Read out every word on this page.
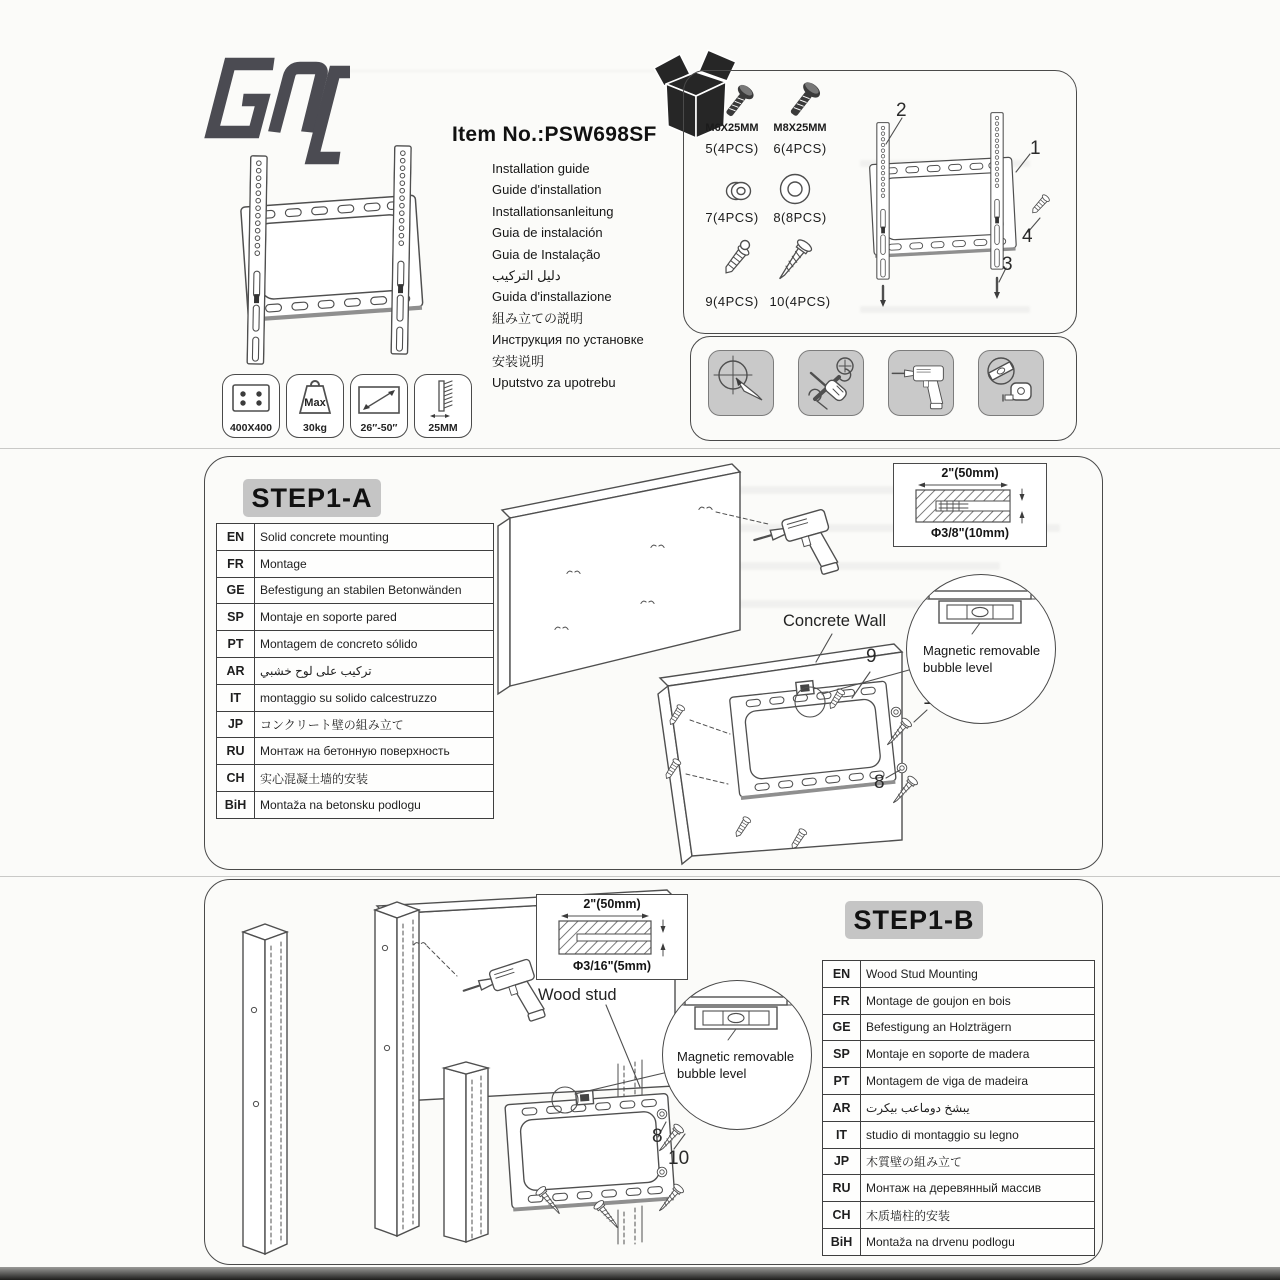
Item No.:PSW698SF
Installation guide
Guide d'installation
Installationsanleitung
Guia de instalación
Guia de Instalação
دليل التركيب
Guida d'installazione
組み立ての説明
Инструкция по установке
安装说明
Uputstvo za upotrebu
400X400
Max
30kg	26″-50″	25MM
M6X25MM	M8X25MM
5(4PCS)	6(4PCS)
7(4PCS)	8(8PCS)
9(4PCS) 10(4PCS)
2
1
4
3
STEP1-A
EN	Solid concrete mounting
FR	Montage
GE	Befestigung an stabilen Betonwänden
SP	Montaje en soporte pared
PT	Montagem de concreto sólido
AR	تركيب على لوح خشبي
IT	montaggio su solido calcestruzzo
JP	コンクリート壁の組み立て
RU	Монтаж на бетонную поверхность
CH	实心混凝土墙的安装
BiH	Montaža na betonsku podlogu
Concrete Wall
9
8
2"(50mm)
Φ3/8"(10mm)
Magnetic removable
bubble level
STEP1-B
2"(50mm)
Φ3/16"(5mm)
Wood stud
Magnetic removable
bubble level
8
10
EN	Wood Stud Mounting
FR	Montage de goujon en bois
GE	Befestigung an Holzträgern
SP	Montaje en soporte de madera
PT	Montagem de viga de madeira
AR	يبشخ دوماعب بيكرت
IT	studio di montaggio su legno
JP	木質壁の組み立て
RU	Монтаж на деревянный массив
CH	木质墙柱的安装
BiH	Montaža na drvenu podlogu
